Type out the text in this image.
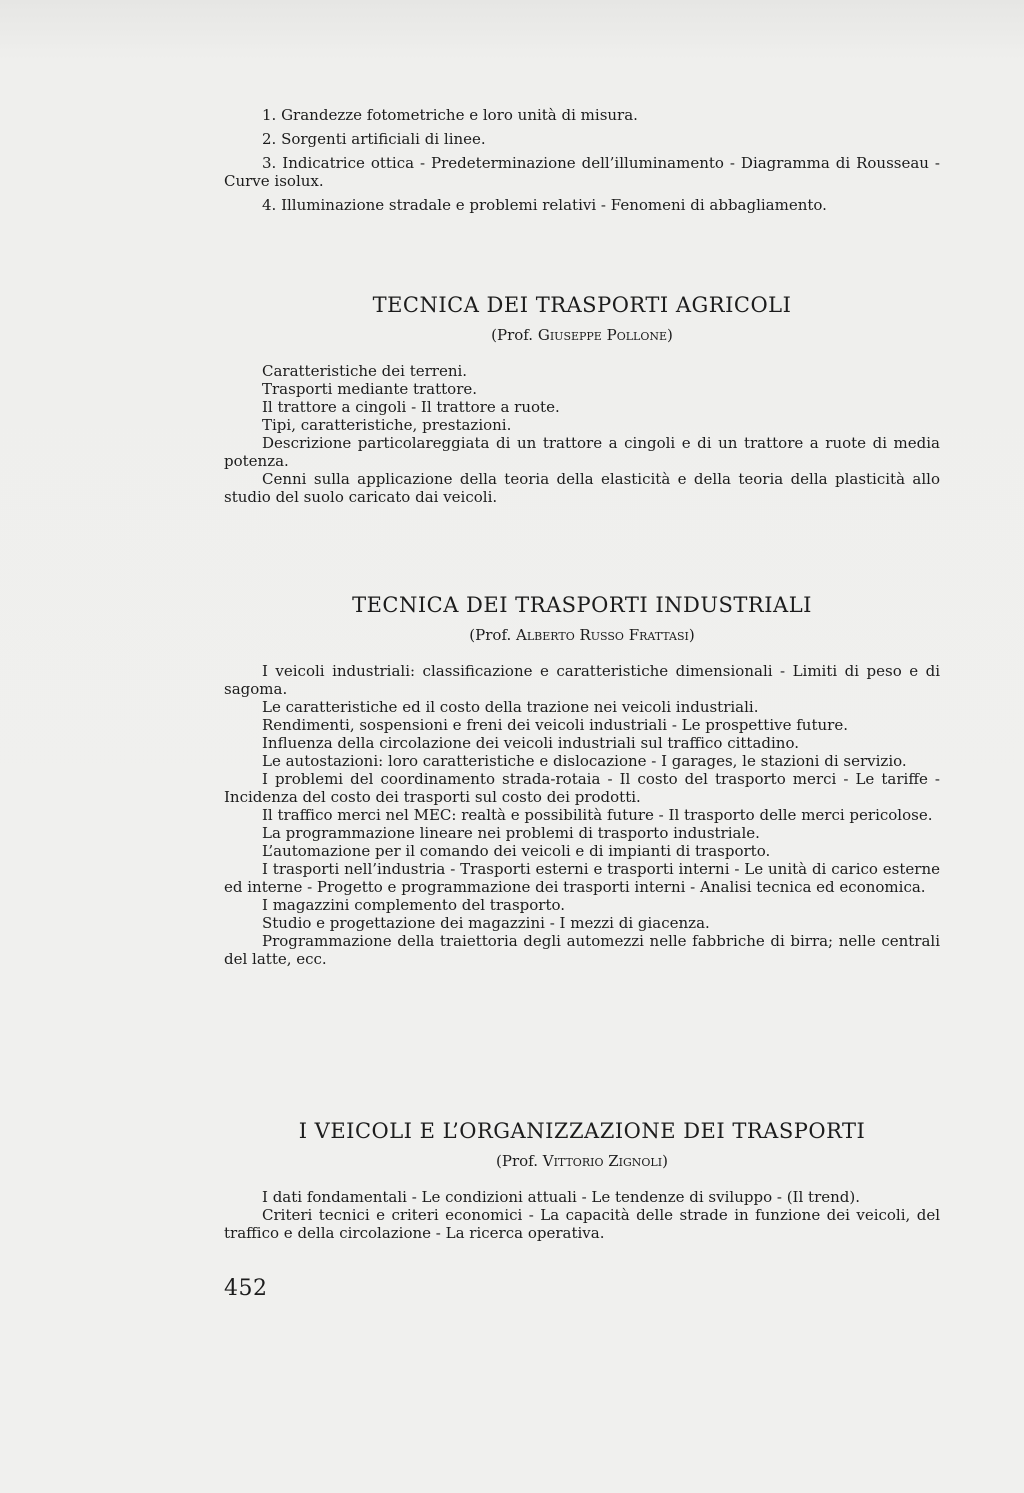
1. Grandezze fotometriche e loro unità di misura.

2. Sorgenti artificiali di linee.

3. Indicatrice ottica - Predeterminazione dell’illuminamento - Diagramma di Rousseau - Curve isolux.

4. Illuminazione stradale e problemi relativi - Fenomeni di abbagliamento.

TECNICA DEI TRASPORTI AGRICOLI

(Prof. Giuseppe Pollone)

Caratteristiche dei terreni.

Trasporti mediante trattore.

Il trattore a cingoli - Il trattore a ruote.

Tipi, caratteristiche, prestazioni.

Descrizione particolareggiata di un trattore a cingoli e di un trattore a ruote di media potenza.

Cenni sulla applicazione della teoria della elasticità e della teoria della plasticità allo studio del suolo caricato dai veicoli.

TECNICA DEI TRASPORTI INDUSTRIALI

(Prof. Alberto Russo Frattasi)

I veicoli industriali: classificazione e caratteristiche dimensionali - Limiti di peso e di sagoma.

Le caratteristiche ed il costo della trazione nei veicoli industriali.

Rendimenti, sospensioni e freni dei veicoli industriali - Le prospettive future.

Influenza della circolazione dei veicoli industriali sul traffico cittadino.

Le autostazioni: loro caratteristiche e dislocazione - I garages, le stazioni di servizio.

I problemi del coordinamento strada-rotaia - Il costo del trasporto merci - Le tariffe - Incidenza del costo dei trasporti sul costo dei prodotti.

Il traffico merci nel MEC: realtà e possibilità future - Il trasporto delle merci pericolose.

La programmazione lineare nei problemi di trasporto industriale.

L’automazione per il comando dei veicoli e di impianti di trasporto.

I trasporti nell’industria - Trasporti esterni e trasporti interni - Le unità di carico esterne ed interne - Progetto e programmazione dei trasporti interni - Analisi tecnica ed economica.

I magazzini complemento del trasporto.

Studio e progettazione dei magazzini - I mezzi di giacenza.

Programmazione della traiettoria degli automezzi nelle fabbriche di birra; nelle centrali del latte, ecc.

I VEICOLI E L’ORGANIZZAZIONE DEI TRASPORTI

(Prof. Vittorio Zignoli)

I dati fondamentali - Le condizioni attuali - Le tendenze di sviluppo - (Il trend).

Criteri tecnici e criteri economici - La capacità delle strade in funzione dei veicoli, del traffico e della circolazione - La ricerca operativa.

452
